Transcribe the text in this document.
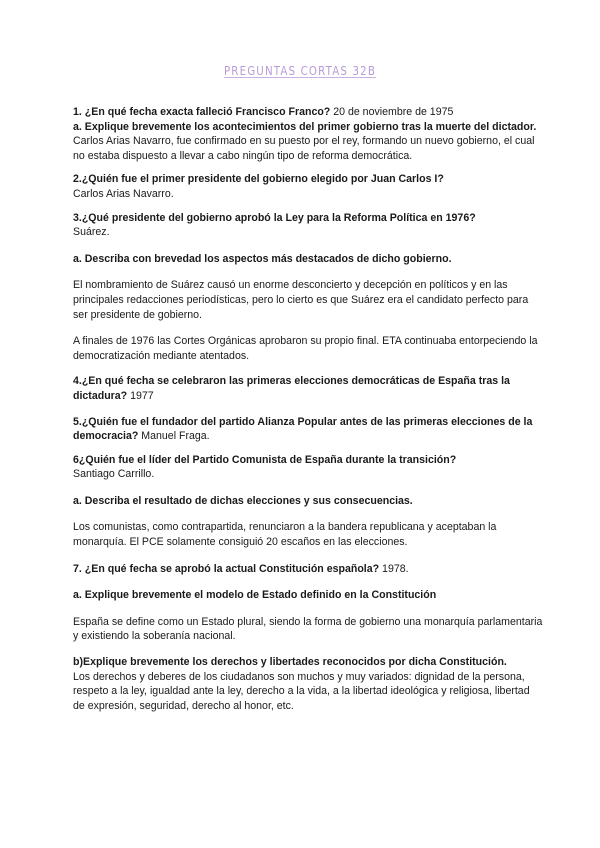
PREGUNTAS CORTAS 32B

1. ¿En qué fecha exacta falleció Francisco Franco? 20 de noviembre de 1975

a. Explique brevemente los acontecimientos del primer gobierno tras la muerte del dictador.

Carlos Arias Navarro, fue confirmado en su puesto por el rey, formando un nuevo gobierno, el cual no estaba dispuesto a llevar a cabo ningún tipo de reforma democrática.

2.¿Quién fue el primer presidente del gobierno elegido por Juan Carlos I?

Carlos Arias Navarro.

3.¿Qué presidente del gobierno aprobó la Ley para la Reforma Política en 1976?

Suárez.

a. Describa con brevedad los aspectos más destacados de dicho gobierno.

El nombramiento de Suárez causó un enorme desconcierto y decepción en políticos y en las principales redacciones periodísticas, pero lo cierto es que Suárez era el candidato perfecto para ser presidente de gobierno.

A finales de 1976 las Cortes Orgánicas aprobaron su propio final. ETA continuaba entorpeciendo la democratización mediante atentados.

4.¿En qué fecha se celebraron las primeras elecciones democráticas de España tras la dictadura? 1977

5.¿Quién fue el fundador del partido Alianza Popular antes de las primeras elecciones de la democracia? Manuel Fraga.

6¿Quién fue el líder del Partido Comunista de España durante la transición?

Santiago Carrillo.

a. Describa el resultado de dichas elecciones y sus consecuencias.

Los comunistas, como contrapartida, renunciaron a la bandera republicana y aceptaban la monarquía. El PCE solamente consiguió 20 escaños en las elecciones.

7. ¿En qué fecha se aprobó la actual Constitución española? 1978.

a. Explique brevemente el modelo de Estado definido en la Constitución

España se define como un Estado plural, siendo la forma de gobierno una monarquía parlamentaria y existiendo la soberanía nacional.

b)Explique brevemente los derechos y libertades reconocidos por dicha Constitución.

Los derechos y deberes de los ciudadanos son muchos y muy variados: dignidad de la persona, respeto a la ley, igualdad ante la ley, derecho a la vida, a la libertad ideológica y religiosa, libertad de expresión, seguridad, derecho al honor, etc.
